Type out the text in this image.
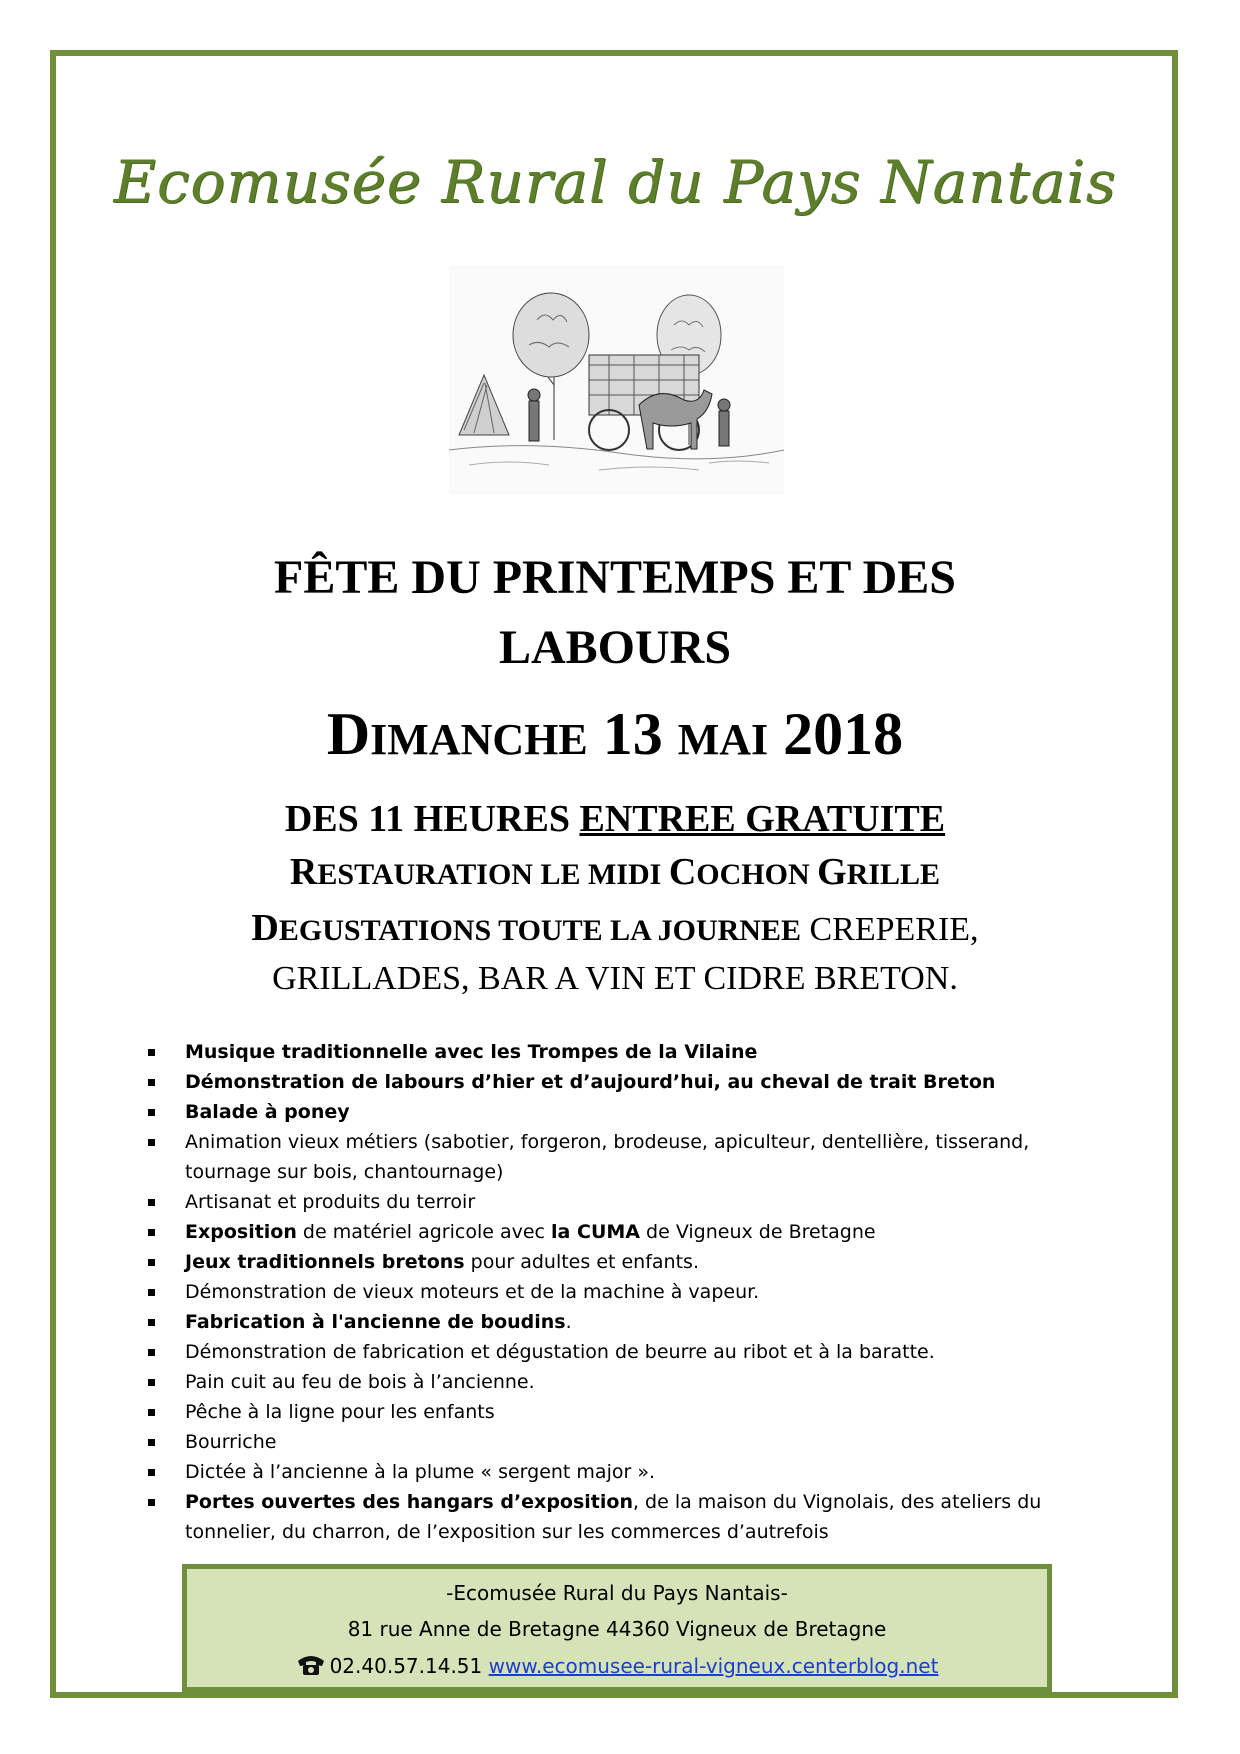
Ecomusée Rural du Pays Nantais
FÊTE DU PRINTEMPS ET DES
LABOURS
DIMANCHE 13 MAI 2018
DES 11 HEURES ENTREE GRATUITE
RESTAURATION LE MIDI COCHON GRILLE
DEGUSTATIONS TOUTE LA JOURNEE CREPERIE,
GRILLADES, BAR A VIN ET CIDRE BRETON.
Musique traditionnelle avec les Trompes de la Vilaine
Démonstration de labours d’hier et d’aujourd’hui, au cheval de trait Breton
Balade à poney
Animation vieux métiers (sabotier, forgeron, brodeuse, apiculteur, dentellière, tisserand, tournage sur bois, chantournage)
Artisanat et produits du terroir
Exposition de matériel agricole avec la CUMA de Vigneux de Bretagne
Jeux traditionnels bretons pour adultes et enfants.
Démonstration de vieux moteurs et de la machine à vapeur.
Fabrication à l'ancienne de boudins.
Démonstration de fabrication et dégustation de beurre au ribot et à la baratte.
Pain cuit au feu de bois à l’ancienne.
Pêche à la ligne pour les enfants
Bourriche
Dictée à l’ancienne à la plume « sergent major ».
Portes ouvertes des hangars d’exposition, de la maison du Vignolais, des ateliers du tonnelier, du charron, de l’exposition sur les commerces d’autrefois
-Ecomusée Rural du Pays Nantais-
81 rue Anne de Bretagne 44360 Vigneux de Bretagne
02.40.57.14.51 www.ecomusee-rural-vigneux.centerblog.net
